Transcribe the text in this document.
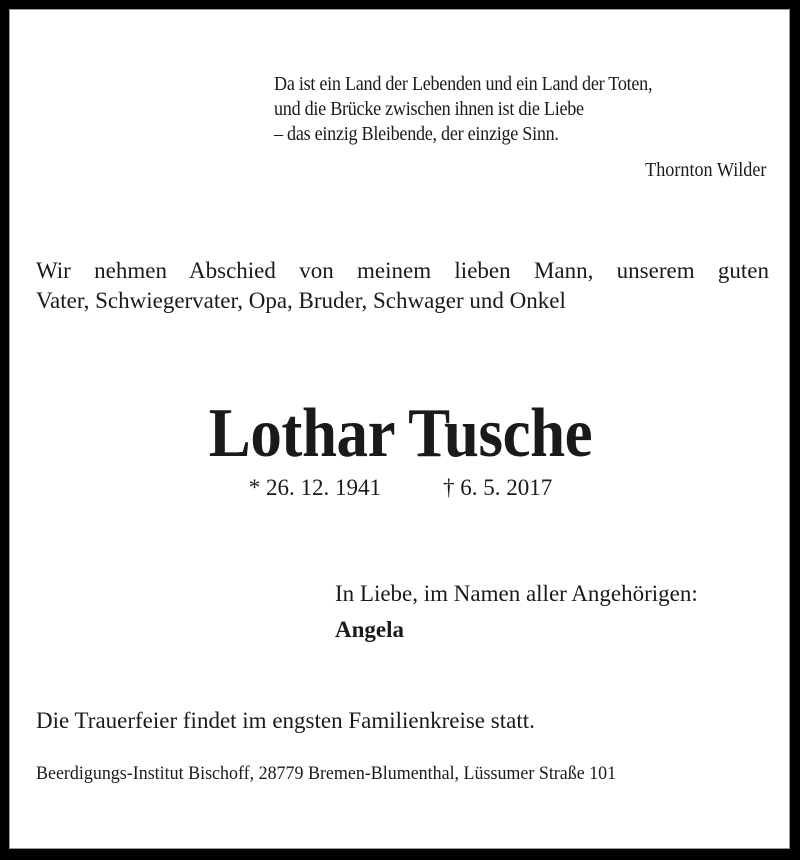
Da ist ein Land der Lebenden und ein Land der Toten,
und die Brücke zwischen ihnen ist die Liebe
– das einzig Bleibende, der einzige Sinn.
Thornton Wilder
Wir nehmen Abschied von meinem lieben Mann, unserem guten
Vater, Schwiegervater, Opa, Bruder, Schwager und Onkel
Lothar Tusche
* 26. 12. 1941	† 6. 5. 2017
In Liebe, im Namen aller Angehörigen:
Angela
Die Trauerfeier findet im engsten Familienkreise statt.
Beerdigungs-Institut Bischoff, 28779 Bremen-Blumenthal, Lüssumer Straße 101
